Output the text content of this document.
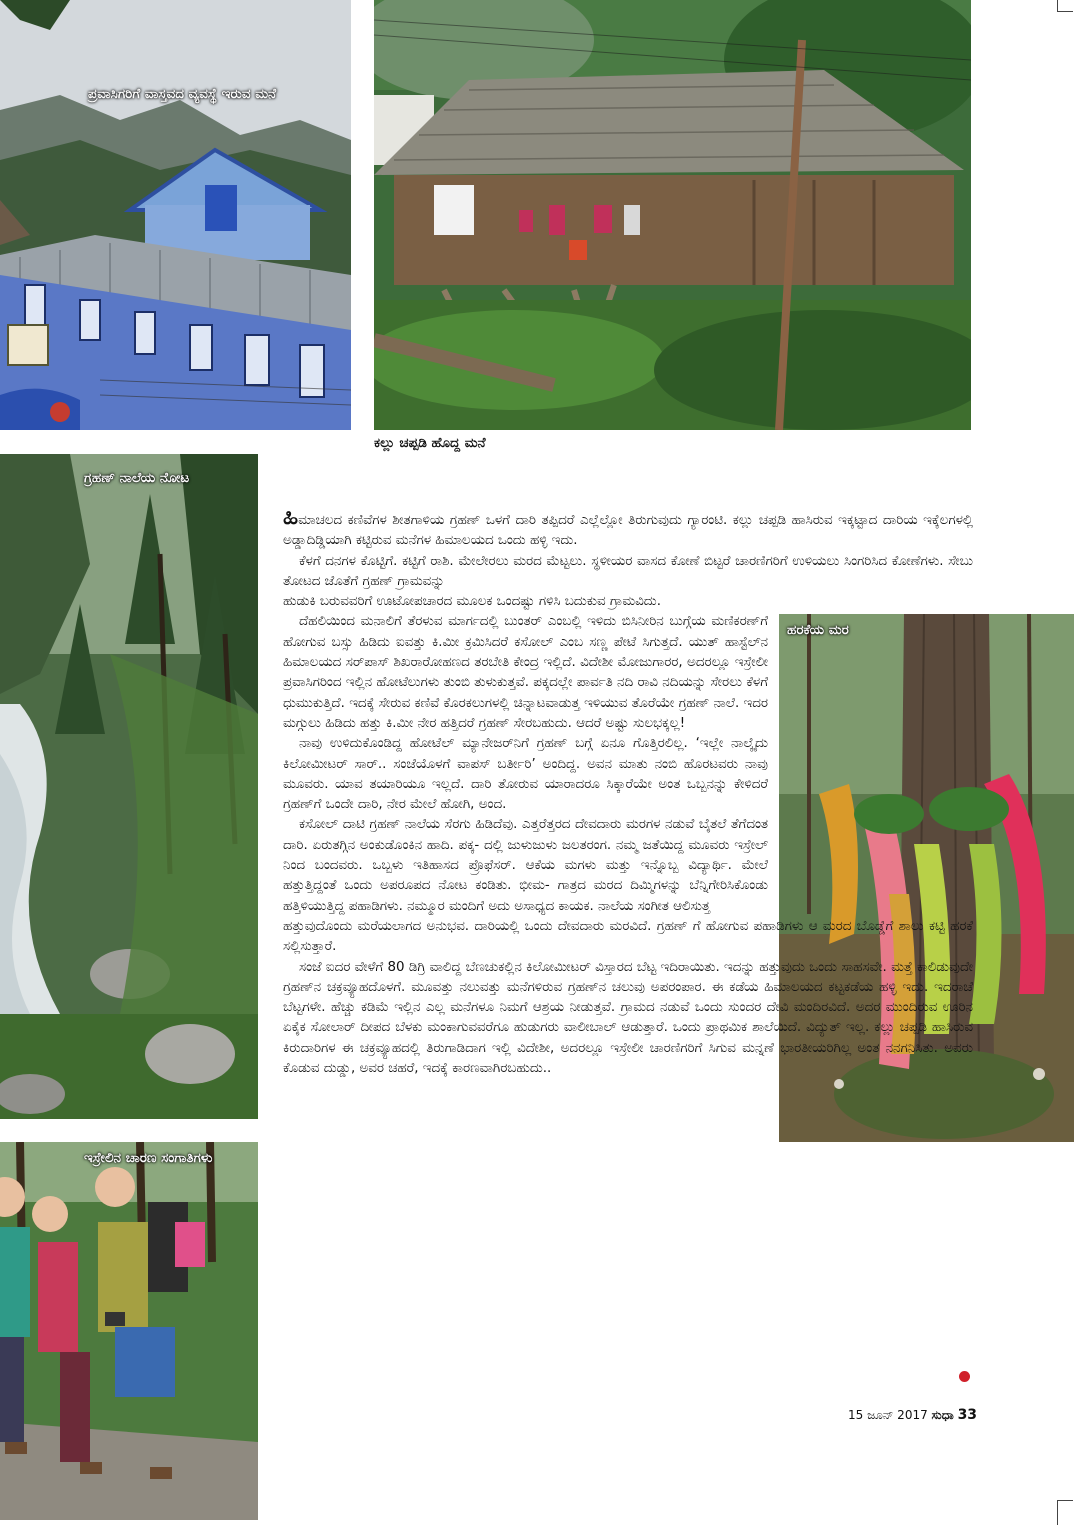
ಪ್ರವಾಸಿಗರಿಗೆ ವಾಸ್ತವದ ವ್ಯವಸ್ಥೆ ಇರುವ ಮನೆ
ಕಲ್ಲು ಚಪ್ಪಡಿ ಹೊದ್ದ ಮನೆ
ಗ್ರಹಣ್ ನಾಲೆಯ ನೋಟ
ಇಸ್ರೇಲಿನ ಚಾರಣ ಸಂಗಾತಿಗಳು
ಹರಕೆಯ ಮರ

ಹಿಮಾಚಲದ ಕಣಿವೆಗಳ ಶೀತಗಾಳಿಯ ಗ್ರಹಣ್ ಒಳಗೆ ದಾರಿ ತಪ್ಪಿದರೆ ಎಲ್ಲೆಲ್ಲೋ ತಿರುಗುವುದು ಗ್ಯಾರಂಟಿ. ಕಲ್ಲು ಚಪ್ಪಡಿ ಹಾಸಿರುವ ಇಕ್ಕಟ್ಟಾದ ದಾರಿಯ ಇಕ್ಕೆಲಗಳಲ್ಲಿ ಅಡ್ಡಾದಿಡ್ಡಿಯಾಗಿ ಕಟ್ಟಿರುವ ಮನೆಗಳ ಹಿಮಾಲಯದ ಒಂದು ಹಳ್ಳಿ ಇದು.

ಕೆಳಗೆ ದನಗಳ ಕೊಟ್ಟಿಗೆ. ಕಟ್ಟಿಗೆ ರಾಶಿ. ಮೇಲೇರಲು ಮರದ ಮೆಟ್ಟಲು. ಸ್ಥಳೀಯರ ವಾಸದ ಕೋಣೆ ಬಿಟ್ಟರೆ ಚಾರಣಿಗರಿಗೆ ಉಳಿಯಲು ಸಿಂಗರಿಸಿದ ಕೋಣೆಗಳು. ಸೇಬು ತೋಟದ ಜೊತೆಗೆ ಗ್ರಹಣ್ ಗ್ರಾಮವನ್ನು

ಹುಡುಕಿ ಬರುವವರಿಗೆ ಊಟೋಪಚಾರದ ಮೂಲಕ ಒಂದಷ್ಟು ಗಳಿಸಿ ಬದುಕುವ ಗ್ರಾಮವಿದು.

ದೆಹಲಿಯಿಂದ ಮನಾಲಿಗೆ ತೆರಳುವ ಮಾರ್ಗದಲ್ಲಿ ಬುಂತರ್ ಎಂಬಲ್ಲಿ ಇಳಿದು ಬಿಸಿನೀರಿನ ಬುಗ್ಗೆಯ ಮಣಿಕರಣ್‌ಗೆ ಹೋಗುವ ಬಸ್ಸು ಹಿಡಿದು ಐವತ್ತು ಕಿ.ಮೀ ಕ್ರಮಿಸಿದರೆ ಕಸೋಲ್ ಎಂಬ ಸಣ್ಣ ಪೇಟೆ ಸಿಗುತ್ತದೆ. ಯುತ್ ಹಾಸ್ಟೆಲ್‌ನ ಹಿಮಾಲಯದ ಸರ್‌ಪಾಸ್ ಶಿಖರಾರೋಹಣದ ತರಬೇತಿ ಕೇಂದ್ರ ಇಲ್ಲಿದೆ. ವಿದೇಶೀ ಮೋಜುಗಾರರ, ಅದರಲ್ಲೂ ಇಸ್ರೇಲೀ ಪ್ರವಾಸಿಗರಿಂದ ಇಲ್ಲಿನ ಹೋಟೆಲುಗಳು ತುಂಬಿ ತುಳುಕುತ್ತವೆ. ಪಕ್ಕದಲ್ಲೇ ಪಾರ್ವತಿ ನದಿ ರಾವಿ ನದಿಯನ್ನು ಸೇರಲು ಕೆಳಗೆ ಧುಮುಕುತ್ತಿದೆ. ಇದಕ್ಕೆ ಸೇರುವ ಕಣಿವೆ ಕೊರಕಲುಗಳಲ್ಲಿ ಚಿನ್ನಾಟವಾಡುತ್ತ ಇಳಿಯುವ ತೊರೆಯೇ ಗ್ರಹಣ್ ನಾಲೆ. ಇದರ ಮಗ್ಗುಲು ಹಿಡಿದು ಹತ್ತು ಕಿ.ಮೀ ನೇರ ಹತ್ತಿದರೆ ಗ್ರಹಣ್ ಸೇರಬಹುದು. ಆದರೆ ಅಷ್ಟು ಸುಲಭಕ್ಕಲ್ಲ!

ನಾವು ಉಳಿದುಕೊಂಡಿದ್ದ ಹೋಟೆಲ್ ಮ್ಯಾನೇಜರ್‌ನಿಗೆ ಗ್ರಹಣ್ ಬಗ್ಗೆ ಏನೂ ಗೊತ್ತಿರಲಿಲ್ಲ. ‘ಇಲ್ಲೇ ನಾಲ್ಕೈದು ಕಿಲೋಮೀಟರ್ ಸಾರ್.. ಸಂಜೆಯೊಳಗೆ ವಾಪಸ್ ಬರ್ತೀರಿ’ ಅಂದಿದ್ದ. ಅವನ ಮಾತು ನಂಬಿ ಹೊರಟವರು ನಾವು ಮೂವರು. ಯಾವ ತಯಾರಿಯೂ ಇಲ್ಲದೆ. ದಾರಿ ತೋರುವ ಯಾರಾದರೂ ಸಿಕ್ಕಾರೆಯೇ ಅಂತ ಒಬ್ಬನನ್ನು ಕೇಳಿದರೆ ಗ್ರಹಣ್‌ಗೆ ಒಂದೇ ದಾರಿ, ನೇರ ಮೇಲೆ ಹೋಗಿ, ಅಂದ.

ಕಸೋಲ್ ದಾಟಿ ಗ್ರಹಣ್ ನಾಲೆಯ ಸೆರಗು ಹಿಡಿದೆವು. ಎತ್ತರೆತ್ತರದ ದೇವದಾರು ಮರಗಳ ನಡುವೆ ಬೈತಲೆ ತೆಗೆದಂತ ದಾರಿ. ಏರುತಗ್ಗಿನ ಅಂಕುಡೊಂಕಿನ ಹಾದಿ. ಪಕ್ಕ- ದಲ್ಲಿ ಜುಳುಜುಳು ಜಲತರಂಗ. ನಮ್ಮ ಜತೆಯಿದ್ದ ಮೂವರು ಇಸ್ರೇಲ್ ನಿಂದ ಬಂದವರು. ಒಬ್ಬಳು ಇತಿಹಾಸದ ಪ್ರೊಫೆಸರ್. ಆಕೆಯ ಮಗಳು ಮತ್ತು ಇನ್ನೊಬ್ಬ ವಿದ್ಯಾರ್ಥಿ. ಮೇಲೆ ಹತ್ತುತ್ತಿದ್ದಂತೆ ಒಂದು ಅಪರೂಪದ ನೋಟ ಕಂಡಿತು. ಭೀಮ- ಗಾತ್ರದ ಮರದ ದಿಮ್ಮಿಗಳನ್ನು ಬೆನ್ನಿಗೇರಿಸಿಕೊಂಡು ಹತ್ತಿಳಿಯುತ್ತಿದ್ದ ಪಹಾಡಿಗಳು. ನಮ್ಮೂರ ಮಂದಿಗೆ ಅದು ಅಸಾಧ್ಯದ ಕಾಯಕ. ನಾಲೆಯ ಸಂಗೀತ ಆಲಿಸುತ್ತ

ಹತ್ತುವುದೊಂದು ಮರೆಯಲಾಗದ ಅನುಭವ. ದಾರಿಯಲ್ಲಿ ಒಂದು ದೇವದಾರು ಮರವಿದೆ. ಗ್ರಹಣ್ ಗೆ ಹೋಗುವ ಪಹಾಡಿಗಳು ಆ ಮರದ ಬೊಡ್ಡೆಗೆ ಶಾಲು ಕಟ್ಟಿ ಹರಕೆ ಸಲ್ಲಿಸುತ್ತಾರೆ.

ಸಂಜೆ ಐದರ ವೇಳೆಗೆ 80 ಡಿಗ್ರಿ ವಾಲಿದ್ದ ಬೆಣಚುಕಲ್ಲಿನ ಕಿಲೋಮೀಟರ್ ವಿಸ್ತಾರದ ಬೆಟ್ಟ ಇದಿರಾಯಿತು. ಇದನ್ನು ಹತ್ತುವುದು ಒಂದು ಸಾಹಸವೇ. ಮತ್ತೆ ಕಾಲಿಡುವುದೇ ಗ್ರಹಣ್‌ನ ಚಕ್ರವ್ಯೂಹದೊಳಗೆ. ಮೂವತ್ತು ನಲುವತ್ತು ಮನೆಗಳಿರುವ ಗ್ರಹಣ್‌ನ ಚಲುವು ಅಪರಂಪಾರ. ಈ ಕಡೆಯ ಹಿಮಾಲಯದ ಕಟ್ಟಕಡೆಯ ಹಳ್ಳಿ ಇದು. ಇದರಾಚೆ ಬೆಟ್ಟಗಳೇ. ಹೆಚ್ಚು ಕಡಿಮೆ ಇಲ್ಲಿನ ಎಲ್ಲ ಮನೆಗಳೂ ನಿಮಗೆ ಆಶ್ರಯ ನೀಡುತ್ತವೆ. ಗ್ರಾಮದ ನಡುವೆ ಒಂದು ಸುಂದರ ದೇವಿ ಮಂದಿರವಿದೆ. ಅದರ ಮುಂದಿರುವ ಊರಿನ ಏಕೈಕ ಸೋಲಾರ್ ದೀಪದ ಬೆಳಕು ಮಂಕಾಗುವವರೆಗೂ ಹುಡುಗರು ವಾಲೀಬಾಲ್ ಆಡುತ್ತಾರೆ. ಒಂದು ಪ್ರಾಥಮಿಕ ಶಾಲೆಯಿದೆ. ವಿದ್ಯುತ್ ಇಲ್ಲ. ಕಲ್ಲು ಚಪ್ಪಡಿ ಹಾಸಿರುವ ಕಿರುದಾರಿಗಳ ಈ ಚಕ್ರವ್ಯೂಹದಲ್ಲಿ ತಿರುಗಾಡಿದಾಗ ಇಲ್ಲಿ ವಿದೇಶೀ, ಅದರಲ್ಲೂ ಇಸ್ರೇಲೀ ಚಾರಣಿಗರಿಗೆ ಸಿಗುವ ಮನ್ನಣೆ ಭಾರತೀಯರಿಗಿಲ್ಲ ಅಂತ ನನಗನಿಸಿತು. ಅವರು ಕೊಡುವ ದುಡ್ಡು, ಅವರ ಚಹರೆ, ಇದಕ್ಕೆ ಕಾರಣವಾಗಿರಬಹುದು..

15 ಜೂನ್ 2017 ಸುಧಾ 33
